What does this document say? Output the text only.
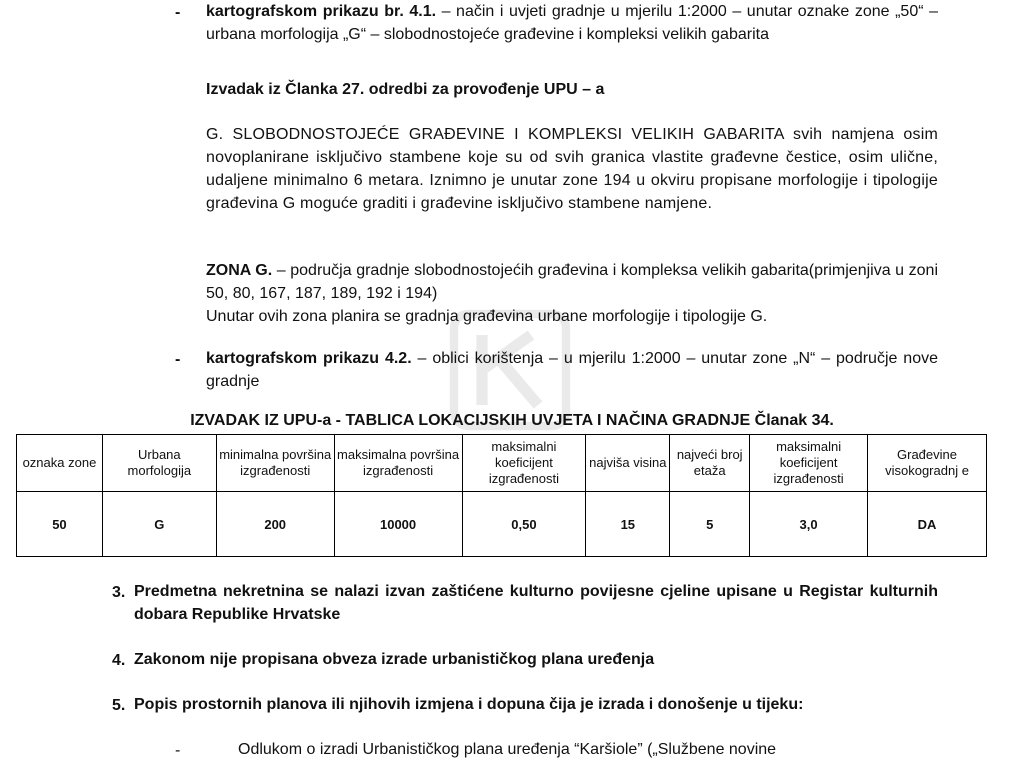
- kartografskom prikazu br. 4.1. – način i uvjeti gradnje u mjerilu 1:2000 – unutar oznake zone „50“ – urbana morfologija „G“ – slobodnostojeće građevine i kompleksi velikih gabarita
Izvadak iz Članka 27. odredbi za provođenje UPU – a
G. SLOBODNOSTOJEĆE GRAĐEVINE I KOMPLEKSI VELIKIH GABARITA svih namjena osim novoplanirane isključivo stambene koje su od svih granica vlastite građevne čestice, osim ulične, udaljene minimalno 6 metara. Iznimno je unutar zone 194 u okviru propisane morfologije i tipologije građevina G moguće graditi i građevine isključivo stambene namjene.
ZONA G. – područja gradnje slobodnostojećih građevina i kompleksa velikih gabarita(primjenjiva u zoni 50, 80, 167, 187, 189, 192 i 194)
Unutar ovih zona planira se gradnja građevina urbane morfologije i tipologije G.
- kartografskom prikazu 4.2. – oblici korištenja – u mjerilu 1:2000 – unutar zone „N“ – područje nove gradnje
IZVADAK IZ UPU-a - TABLICA LOKACIJSKIH UVJETA I NAČINA GRADNJE Članak 34.
oznaka zone	Urbana morfologija	minimalna površina izgrađenosti	maksimalna površina izgrađenosti	maksimalni koeficijent izgrađenosti	najviša visina	najveći broj etaža	maksimalni koeficijent izgrađenosti	Građevine visokogradnj e
50	G	200	10000	0,50	15	5	3,0	DA
3. Predmetna nekretnina se nalazi izvan zaštićene kulturno povijesne cjeline upisane u Registar kulturnih dobara Republike Hrvatske
4. Zakonom nije propisana obveza izrade urbanističkog plana uređenja
5. Popis prostornih planova ili njihovih izmjena i dopuna čija je izrada i donošenje u tijeku:
-	Odlukom o izradi Urbanističkog plana uređenja “Karšiole” („Službene novine
